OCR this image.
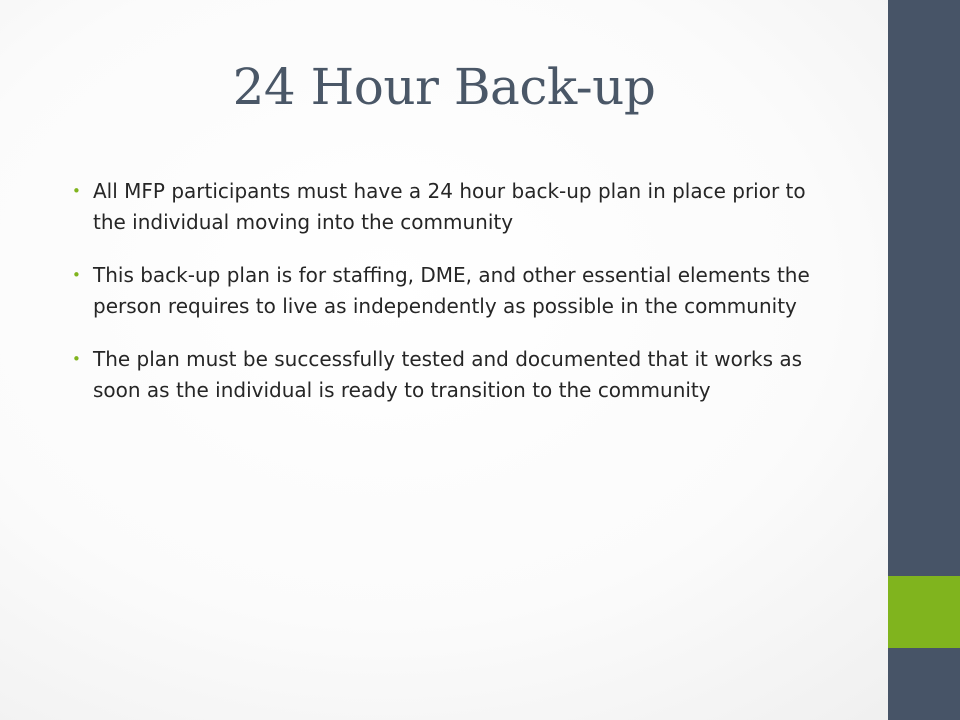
24 Hour Back-up
• All MFP participants must have a 24 hour back-up plan in place prior to the individual moving into the community
• This back-up plan is for staffing, DME, and other essential elements the person requires to live as independently as possible in the community
• The plan must be successfully tested and documented that it works as soon as the individual is ready to transition to the community
